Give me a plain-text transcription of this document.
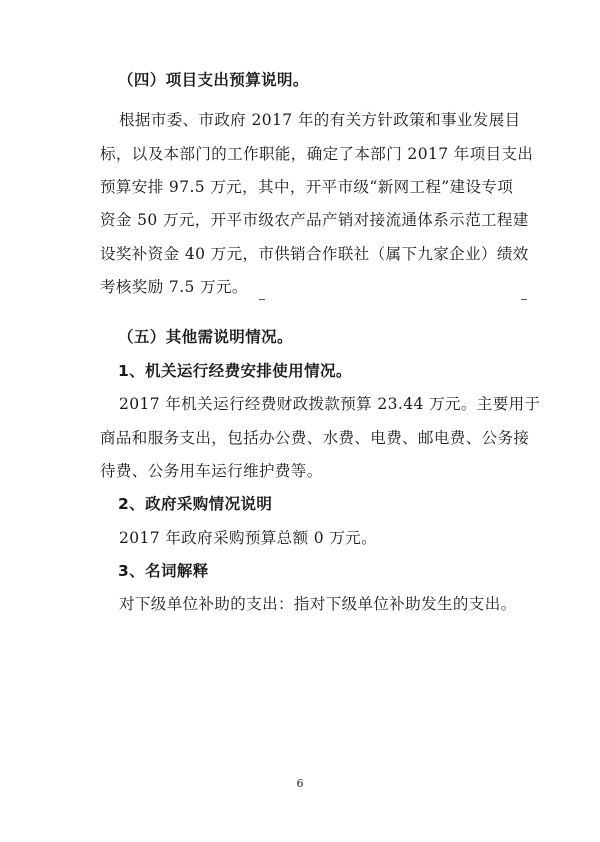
（四）项目支出预算说明。
根据市委、市政府 2017 年的有关方针政策和事业发展目
标，以及本部门的工作职能，确定了本部门 2017 年项目支出
预算安排 97.5 万元，其中，开平市级“新网工程”建设专项
资金 50 万元，开平市级农产品产销对接流通体系示范工程建
设奖补资金 40 万元，市供销合作联社（属下九家企业）绩效
考核奖励 7.5 万元。
（五）其他需说明情况。
1、机关运行经费安排使用情况。
2017 年机关运行经费财政拨款预算 23.44 万元。主要用于
商品和服务支出，包括办公费、水费、电费、邮电费、公务接
待费、公务用车运行维护费等。
2、政府采购情况说明
2017 年政府采购预算总额 0 万元。
3、名词解释
对下级单位补助的支出：指对下级单位补助发生的支出。
6
